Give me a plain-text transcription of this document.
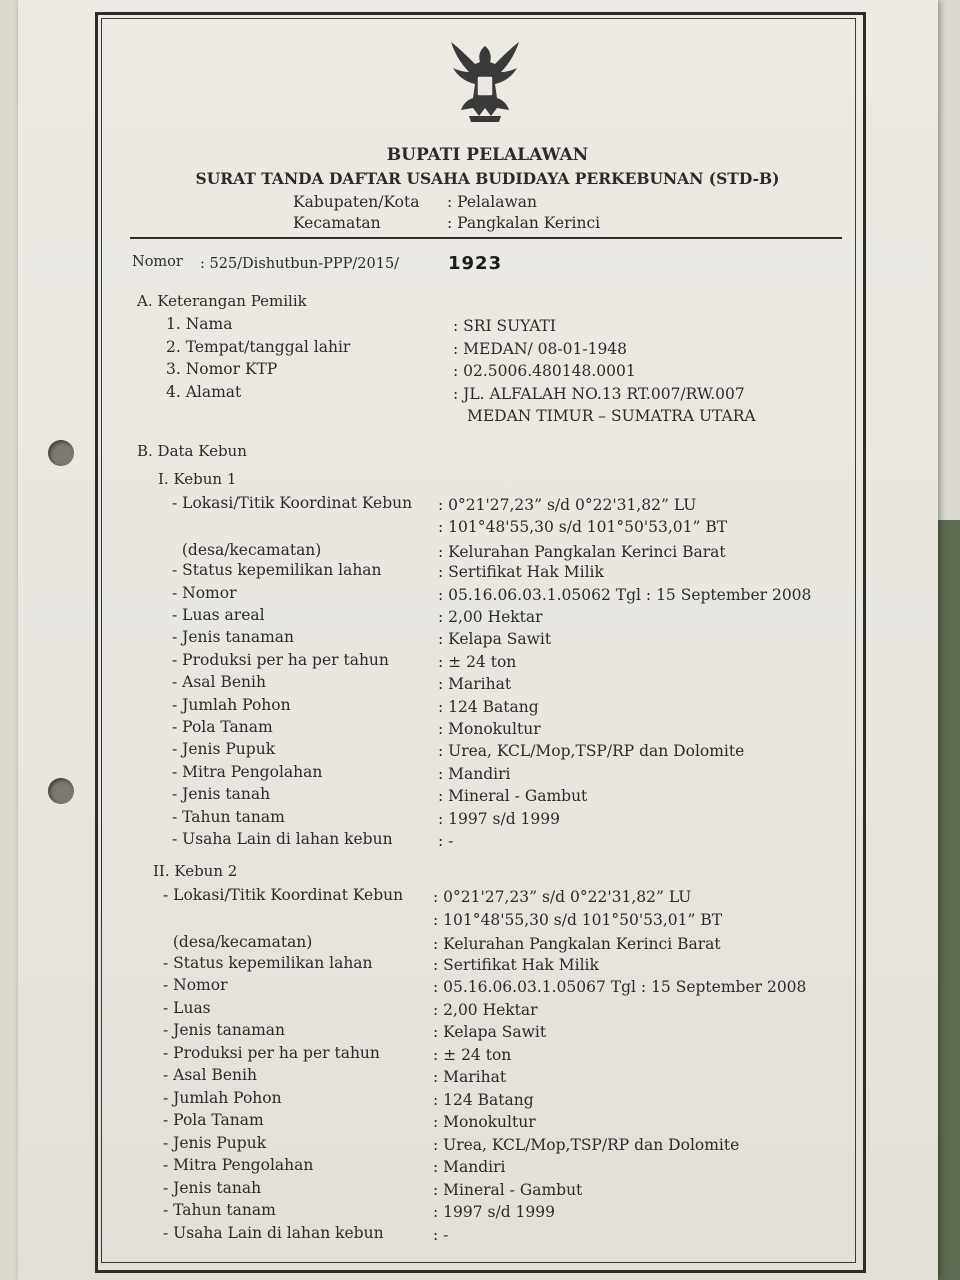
BUPATI PELALAWAN
SURAT TANDA DAFTAR USAHA BUDIDAYA PERKEBUNAN (STD-B)
Kabupaten/Kota : Pelalawan
Kecamatan	: Pangkalan Kerinci
Nomor : 525/Dishutbun-PPP/2015/	1923
A. Keterangan Pemilik
1. Nama	: SRI SUYATI
2. Tempat/tanggal lahir	: MEDAN/ 08-01-1948
3. Nomor KTP	: 02.5006.480148.0001
4. Alamat	: JL. ALFALAH NO.13 RT.007/RW.007
MEDAN TIMUR – SUMATRA UTARA
B. Data Kebun
I. Kebun 1
- Lokasi/Titik Koordinat Kebun : 0°21'27,23” s/d 0°22'31,82” LU
: 101°48'55,30 s/d 101°50'53,01” BT
(desa/kecamatan)	: Kelurahan Pangkalan Kerinci Barat
- Status kepemilikan lahan	: Sertifikat Hak Milik
- Nomor	: 05.16.06.03.1.05062 Tgl : 15 September 2008
- Luas areal	: 2,00 Hektar
- Jenis tanaman	: Kelapa Sawit
- Produksi per ha per tahun	: ± 24 ton
- Asal Benih	: Marihat
- Jumlah Pohon	: 124 Batang
- Pola Tanam	: Monokultur
- Jenis Pupuk	: Urea, KCL/Mop,TSP/RP dan Dolomite
- Mitra Pengolahan	: Mandiri
- Jenis tanah	: Mineral - Gambut
- Tahun tanam	: 1997 s/d 1999
- Usaha Lain di lahan kebun	: -
II. Kebun 2
- Lokasi/Titik Koordinat Kebun : 0°21'27,23” s/d 0°22'31,82” LU
: 101°48'55,30 s/d 101°50'53,01” BT
(desa/kecamatan)	: Kelurahan Pangkalan Kerinci Barat
- Status kepemilikan lahan	: Sertifikat Hak Milik
- Nomor	: 05.16.06.03.1.05067 Tgl : 15 September 2008
- Luas	: 2,00 Hektar
- Jenis tanaman	: Kelapa Sawit
- Produksi per ha per tahun	: ± 24 ton
- Asal Benih	: Marihat
- Jumlah Pohon	: 124 Batang
- Pola Tanam	: Monokultur
- Jenis Pupuk	: Urea, KCL/Mop,TSP/RP dan Dolomite
- Mitra Pengolahan	: Mandiri
- Jenis tanah	: Mineral - Gambut
- Tahun tanam	: 1997 s/d 1999
- Usaha Lain di lahan kebun	: -
